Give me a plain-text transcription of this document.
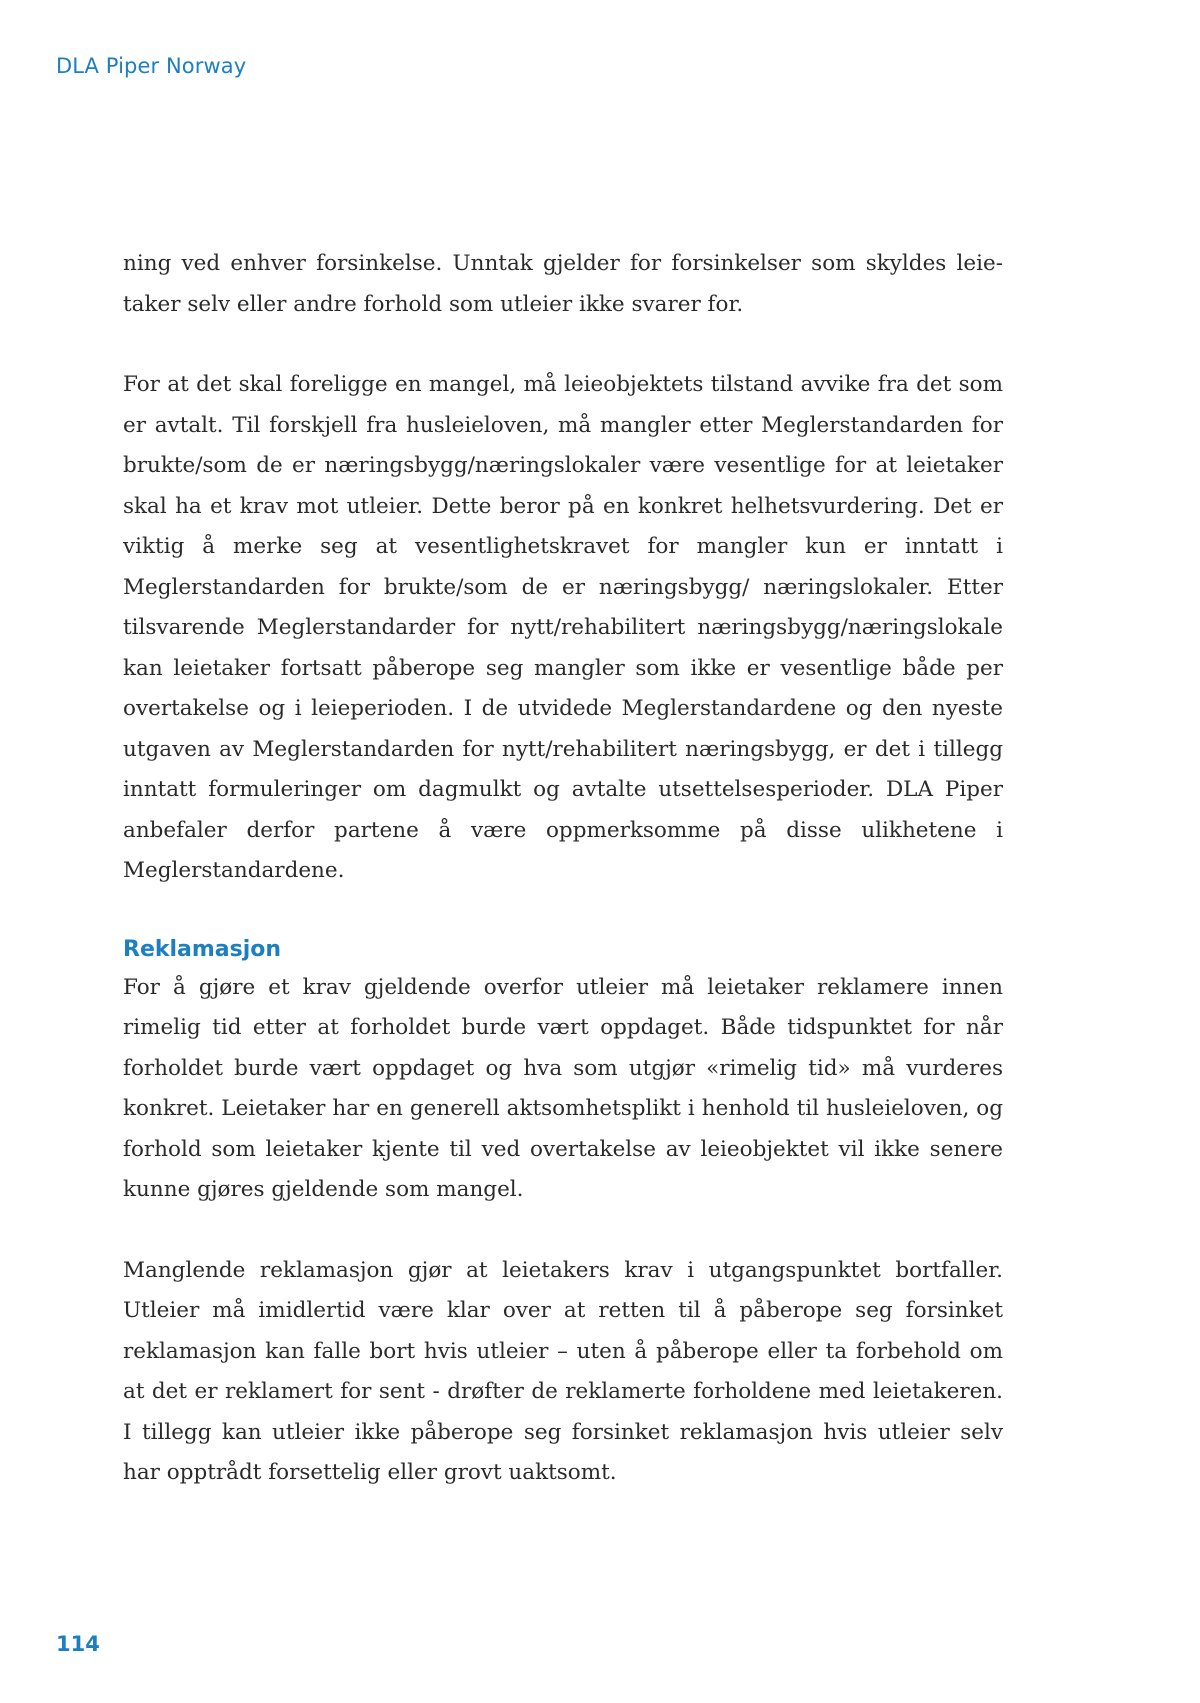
DLA Piper Norway

ning ved enhver forsinkelse. Unntak gjelder for forsinkelser som skyldes leietaker selv eller andre forhold som utleier ikke svarer for.

For at det skal foreligge en mangel, må leieobjektets tilstand avvike fra det som er avtalt. Til forskjell fra husleieloven, må mangler etter Meglerstandarden for brukte/som de er næringsbygg/næringslokaler være vesentlige for at leietaker skal ha et krav mot utleier. Dette beror på en konkret helhetsvurdering. Det er viktig å merke seg at vesentlighetskravet for mangler kun er inntatt i Meglerstandarden for brukte/som de er næringsbygg/ næringslokaler. Etter tilsvarende Meglerstandarder for nytt/rehabilitert næringsbygg/næringslokale kan leietaker fortsatt påberope seg mangler som ikke er vesentlige både per overtakelse og i leieperioden. I de utvidede Meglerstandardene og den nyeste utgaven av Meglerstandarden for nytt/rehabilitert næringsbygg, er det i tillegg inntatt formuleringer om dagmulkt og avtalte utsettelsesperioder. DLA Piper anbefaler derfor partene å være oppmerksomme på disse ulikhetene i Meglerstandardene.

Reklamasjon

For å gjøre et krav gjeldende overfor utleier må leietaker reklamere innen rimelig tid etter at forholdet burde vært oppdaget. Både tidspunktet for når forholdet burde vært oppdaget og hva som utgjør «rimelig tid» må vurderes konkret. Leietaker har en generell aktsomhetsplikt i henhold til husleieloven, og forhold som leietaker kjente til ved overtakelse av leieobjektet vil ikke senere kunne gjøres gjeldende som mangel.

Manglende reklamasjon gjør at leietakers krav i utgangspunktet bortfaller. Utleier må imidlertid være klar over at retten til å påberope seg forsinket reklamasjon kan falle bort hvis utleier – uten å påberope eller ta forbehold om at det er reklamert for sent - drøfter de reklamerte forholdene med leietakeren. I tillegg kan utleier ikke påberope seg forsinket reklamasjon hvis utleier selv har opptrådt forsettelig eller grovt uaktsomt.

114
